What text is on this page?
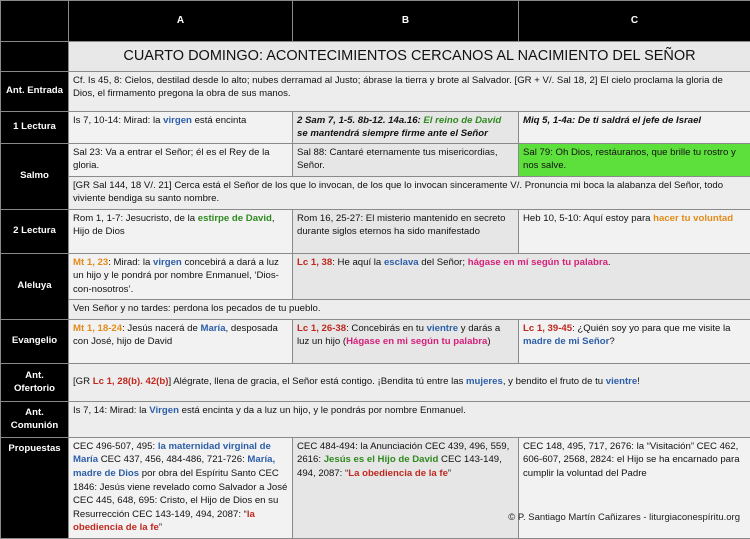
	A	B	C
	CUARTO DOMINGO: ACONTECIMIENTOS CERCANOS AL NACIMIENTO DEL SEÑOR		
Ant. Entrada	Cf. Is 45, 8: Cielos, destilad desde lo alto; nubes derramad al Justo; ábrase la tierra y brote al Salvador. [GR + V/. Sal 18, 2] El cielo proclama la gloria de Dios, el firmamento pregona la obra de sus manos.		
1 Lectura	Is 7, 10-14: Mirad: la virgen está encinta	2 Sam 7, 1-5. 8b-12. 14a.16: El reino de David se mantendrá siempre firme ante el Señor	Miq 5, 1-4a: De ti saldrá el jefe de Israel
Salmo	Sal 23: Va a entrar el Señor; él es el Rey de la gloria.	Sal 88: Cantaré eternamente tus misericordias, Señor.	Sal 79: Oh Dios, restáuranos, que brille tu rostro y nos salve.
	[GR Sal 144, 18 V/. 21] Cerca está el Señor de los que lo invocan, de los que lo invocan sinceramente V/. Pronuncia mi boca la alabanza del Señor, todo viviente bendiga su santo nombre.		
2 Lectura	Rom 1, 1-7: Jesucristo, de la estirpe de David, Hijo de Dios	Rom 16, 25-27: El misterio mantenido en secreto durante siglos eternos ha sido manifestado	Heb 10, 5-10: Aquí estoy para hacer tu voluntad
Aleluya	Mt 1, 23: Mirad: la virgen concebirá a dará a luz un hijo y le pondrá por nombre Enmanuel, ‘Dios-con-nosotros’.	Lc 1, 38: He aquí la esclava del Señor; hágase en mí según tu palabra.	
	Ven Señor y no tardes: perdona los pecados de tu pueblo.		
Evangelio	Mt 1, 18-24: Jesús nacerá de María, desposada con José, hijo de David	Lc 1, 26-38: Concebirás en tu vientre y darás a luz un hijo (Hágase en mi según tu palabra)	Lc 1, 39-45: ¿Quién soy yo para que me visite la madre de mi Señor?
Ant.
Ofertorio	[GR Lc 1, 28(b). 42(b)] Alégrate, llena de gracia, el Señor está contigo. ¡Bendita tú entre las mujeres, y bendito el fruto de tu vientre!		
Ant.
Comunión	Is 7, 14: Mirad: la Virgen está encinta y da a luz un hijo, y le pondrás por nombre Enmanuel.		
Propuestas	CEC 496-507, 495: la maternidad virginal de María CEC 437, 456, 484-486, 721-726: María, madre de Dios por obra del Espíritu Santo CEC 1846: Jesús viene revelado como Salvador a José CEC 445, 648, 695: Cristo, el Hijo de Dios en su Resurrección CEC 143-149, 494, 2087: “la obediencia de la fe”	CEC 484-494: la Anunciación CEC 439, 496, 559, 2616: Jesús es el Hijo de David CEC 143-149, 494, 2087: “La obediencia de la fe”	CEC 148, 495, 717, 2676: la “Visitación” CEC 462, 606-607, 2568, 2824: el Hijo se ha encarnado para cumplir la voluntad del Padre
© P. Santiago Martín Cañizares - liturgiaconespíritu.org
